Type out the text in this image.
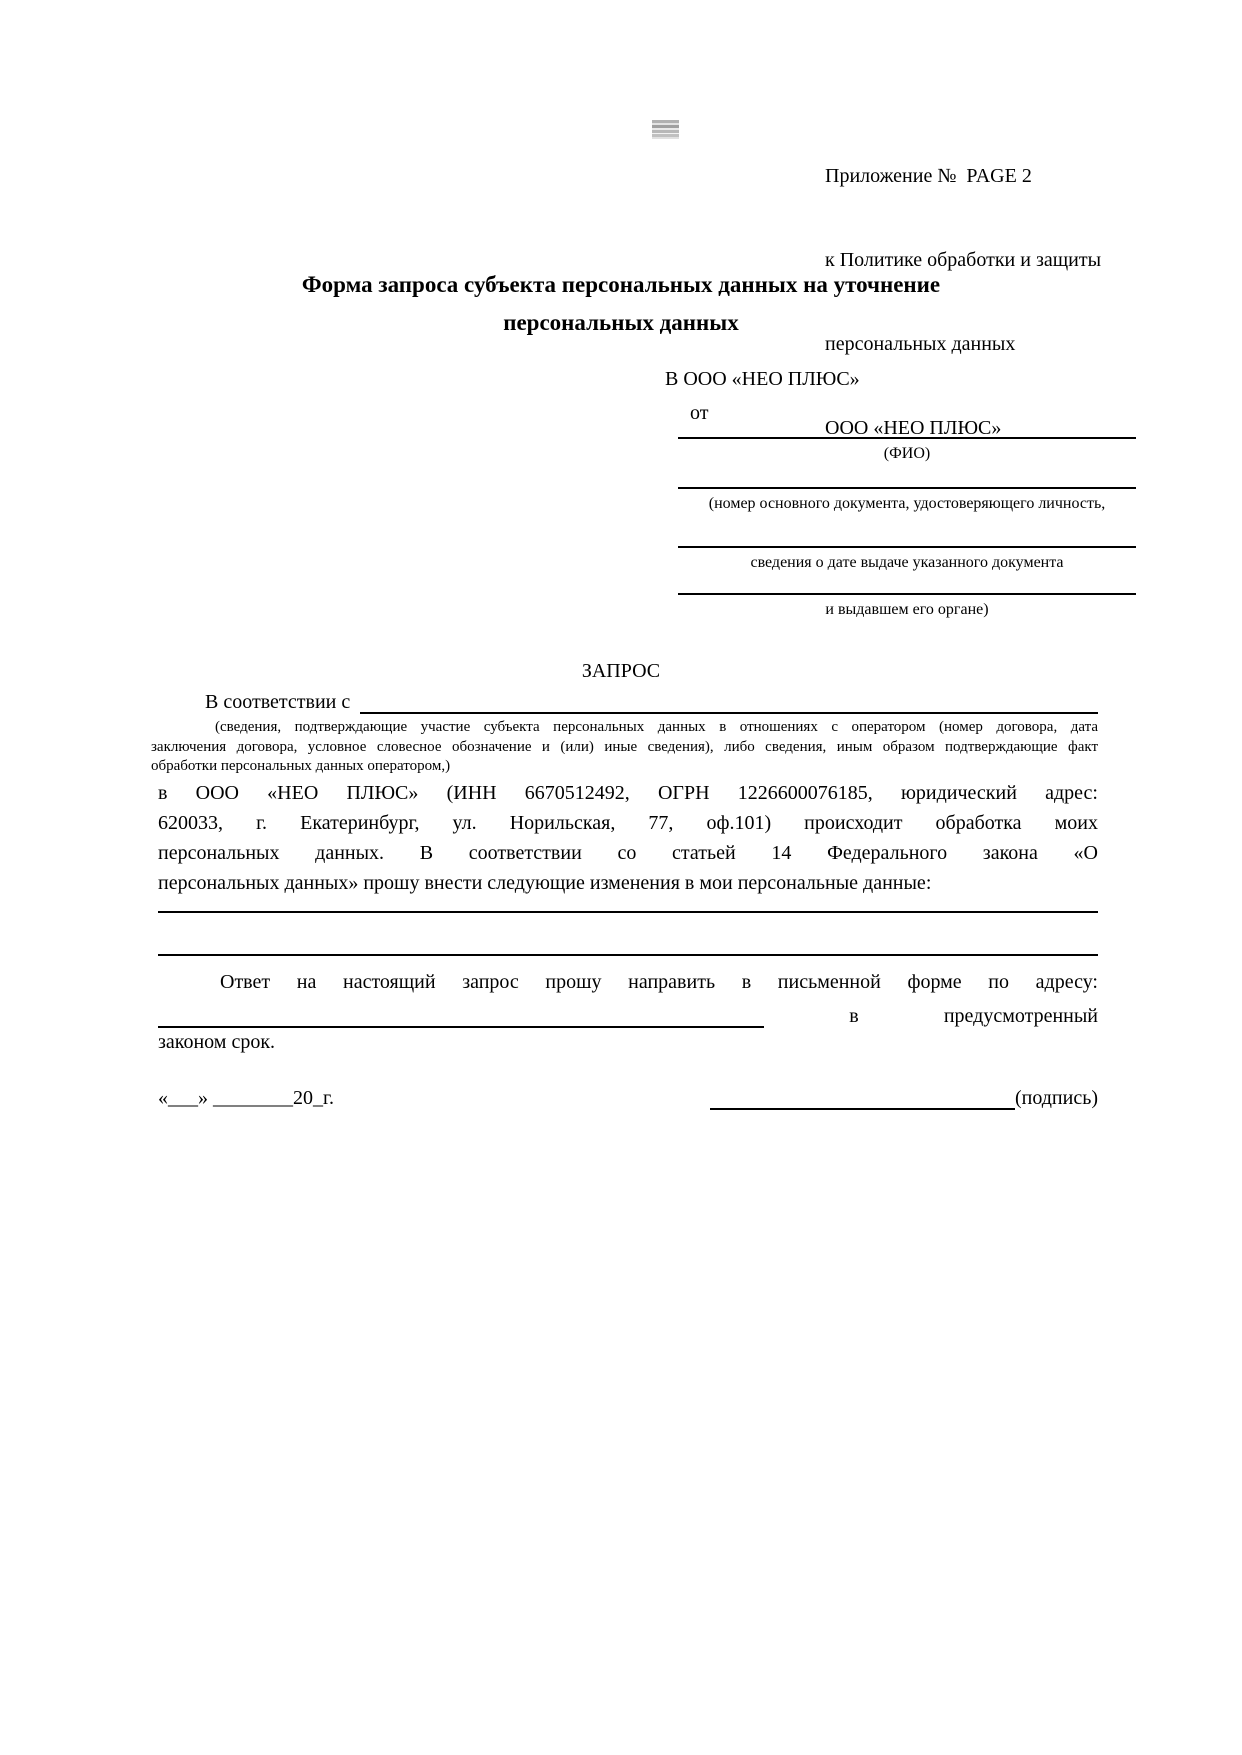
Приложение №  PAGE 2

к Политике обработки и защиты

персональных данных

ООО «НЕО ПЛЮС»

Форма запроса субъекта персональных данных на уточнение
персональных данных
В ООО «НЕО ПЛЮС»
от
(ФИО)
(номер основного документа, удостоверяющего личность,
сведения о дате выдаче указанного документа
и выдавшем его органе)
ЗАПРОС
В соответствии с
(сведения, подтверждающие участие субъекта персональных данных в отношениях с оператором (номер договора, дата
заключения договора, условное словесное обозначение и (или) иные сведения), либо сведения, иным образом подтверждающие факт
обработки персональных данных оператором,)
в ООО «НЕО ПЛЮС» (ИНН 6670512492, ОГРН 1226600076185, юридический адрес:
620033, г. Екатеринбург, ул. Норильская, 77, оф.101) происходит обработка моих
персональных данных. В соответствии со статьей 14 Федерального закона «О
персональных данных» прошу внести следующие изменения в мои персональные данные:
Ответ на настоящий запрос прошу направить в письменной форме по адресу:
в	предусмотренный
законом срок.
«___» ________20_г.	(подпись)
